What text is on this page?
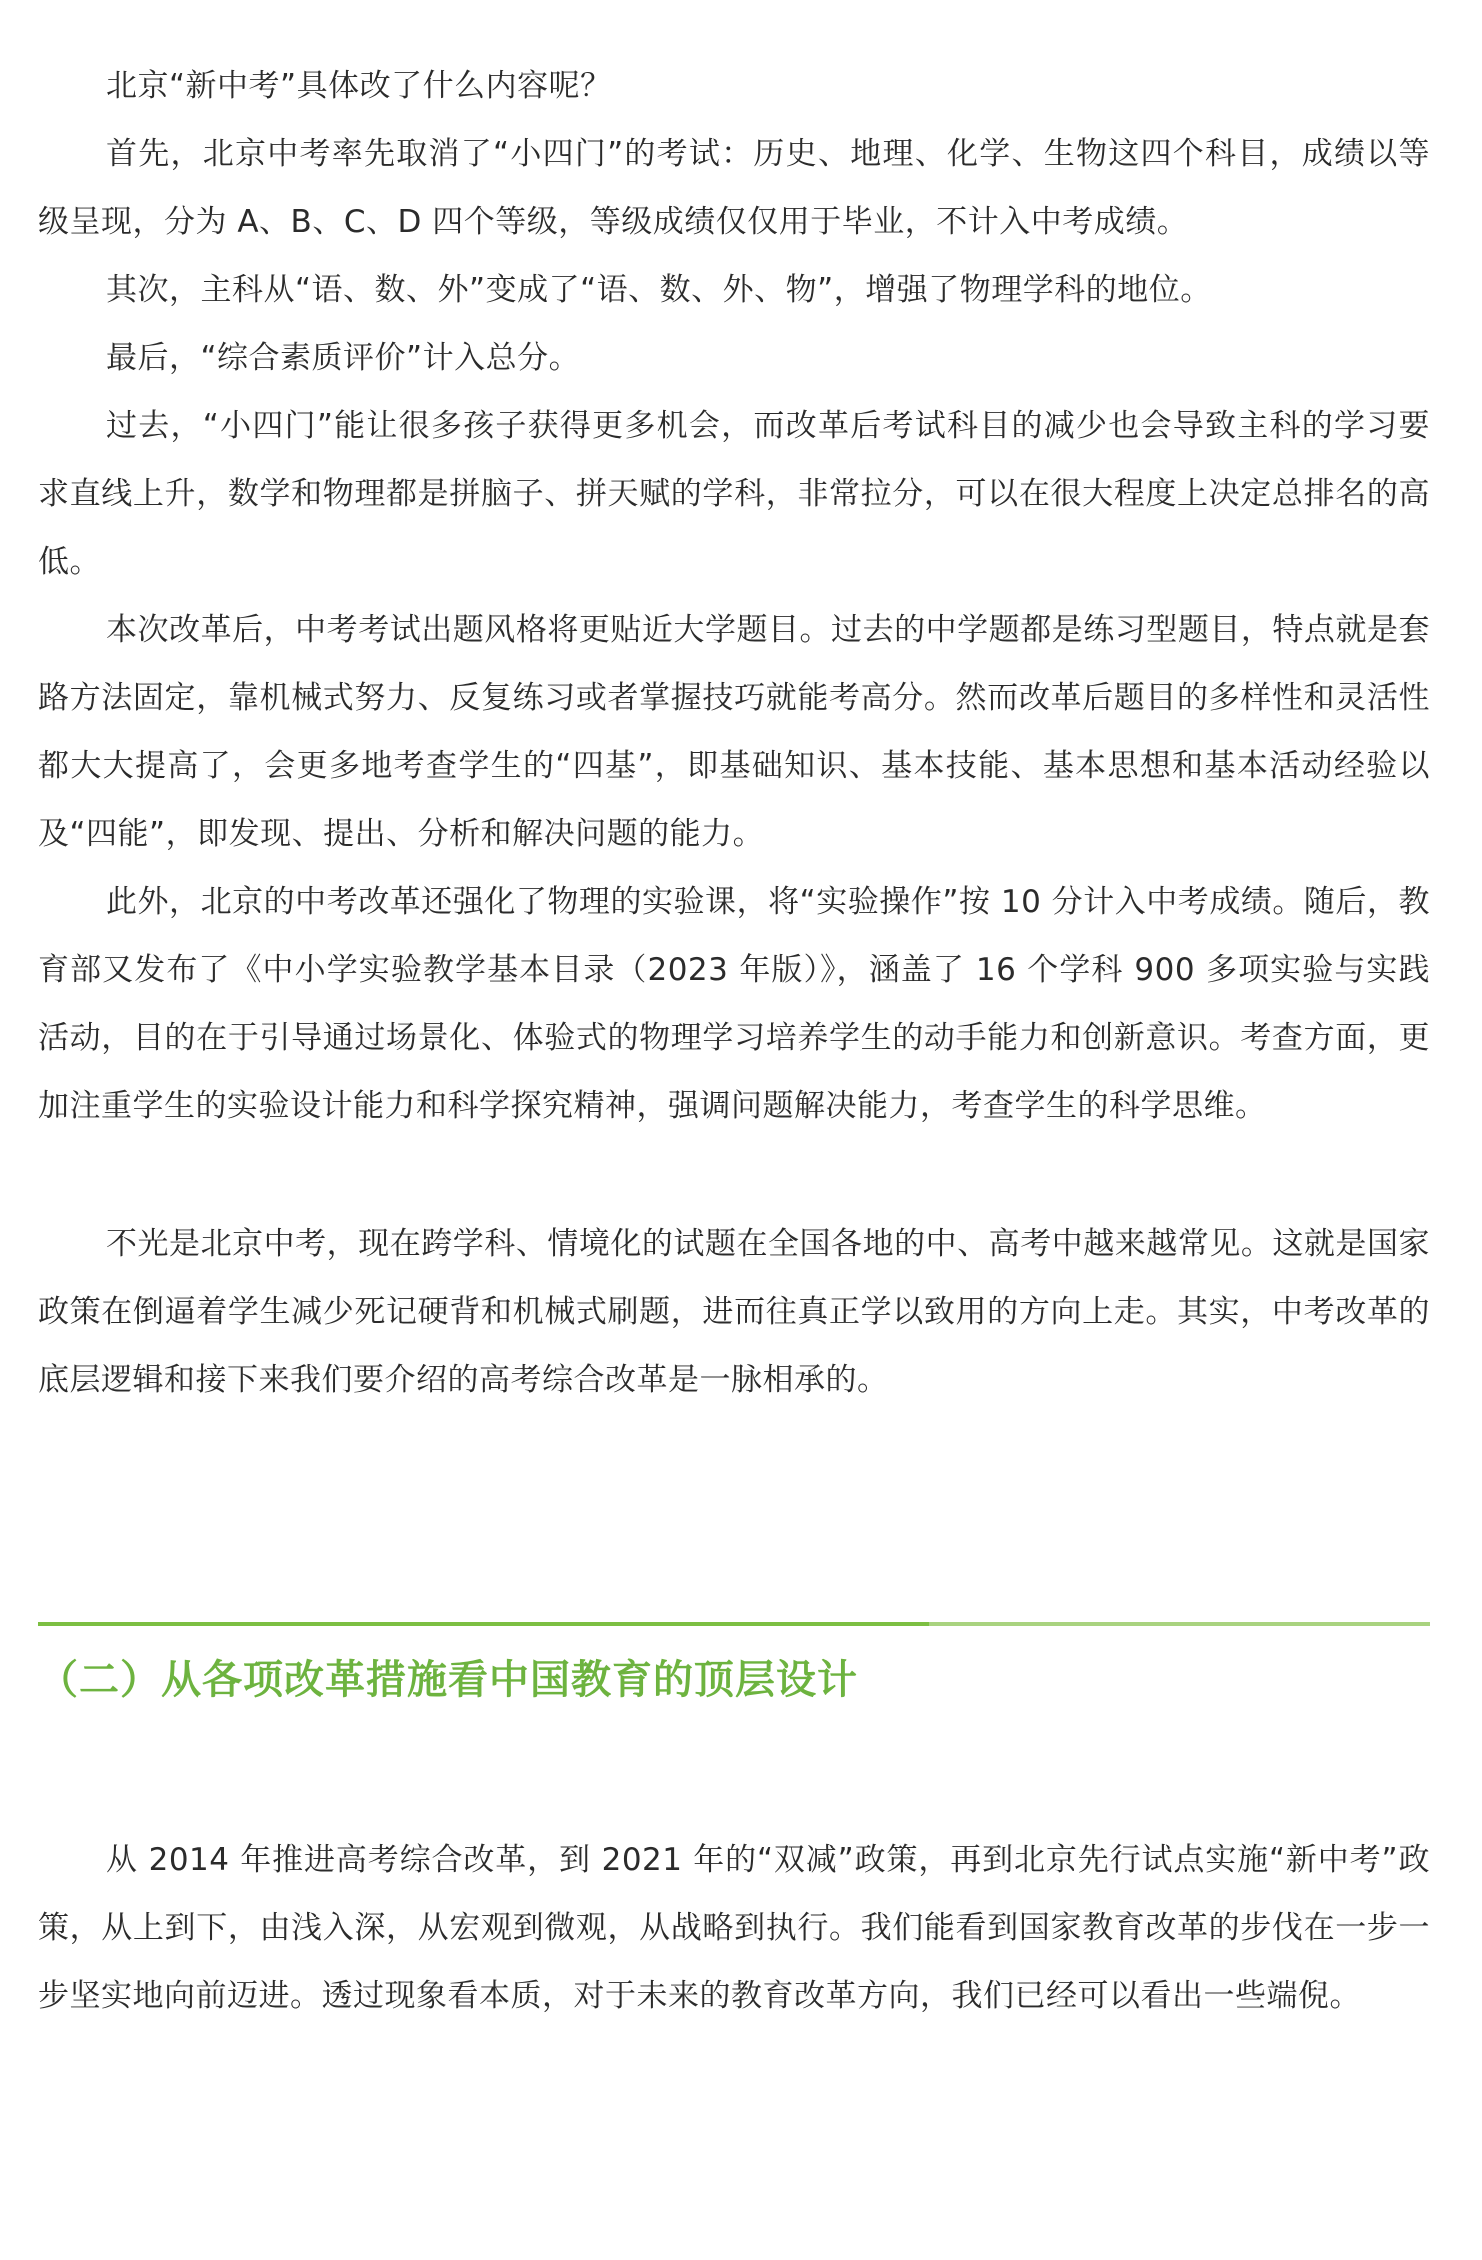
北京“新中考”具体改了什么内容呢？

首先，北京中考率先取消了“小四门”的考试：历史、地理、化学、生物这四个科目，成绩以等级呈现，分为 A、B、C、D 四个等级，等级成绩仅仅用于毕业，不计入中考成绩。

其次，主科从“语、数、外”变成了“语、数、外、物”，增强了物理学科的地位。

最后，“综合素质评价”计入总分。

过去，“小四门”能让很多孩子获得更多机会，而改革后考试科目的减少也会导致主科的学习要求直线上升，数学和物理都是拼脑子、拼天赋的学科，非常拉分，可以在很大程度上决定总排名的高低。

本次改革后，中考考试出题风格将更贴近大学题目。过去的中学题都是练习型题目，特点就是套路方法固定，靠机械式努力、反复练习或者掌握技巧就能考高分。然而改革后题目的多样性和灵活性都大大提高了，会更多地考查学生的“四基”，即基础知识、基本技能、基本思想和基本活动经验以及“四能”，即发现、提出、分析和解决问题的能力。

此外，北京的中考改革还强化了物理的实验课，将“实验操作”按 10 分计入中考成绩。随后，教育部又发布了《中小学实验教学基本目录（2023 年版）》，涵盖了 16 个学科 900 多项实验与实践活动，目的在于引导通过场景化、体验式的物理学习培养学生的动手能力和创新意识。考查方面，更加注重学生的实验设计能力和科学探究精神，强调问题解决能力，考查学生的科学思维。

不光是北京中考，现在跨学科、情境化的试题在全国各地的中、高考中越来越常见。这就是国家政策在倒逼着学生减少死记硬背和机械式刷题，进而往真正学以致用的方向上走。其实，中考改革的底层逻辑和接下来我们要介绍的高考综合改革是一脉相承的。

（二）从各项改革措施看中国教育的顶层设计

从 2014 年推进高考综合改革，到 2021 年的“双减”政策，再到北京先行试点实施“新中考”政策，从上到下，由浅入深，从宏观到微观，从战略到执行。我们能看到国家教育改革的步伐在一步一步坚实地向前迈进。透过现象看本质，对于未来的教育改革方向，我们已经可以看出一些端倪。
